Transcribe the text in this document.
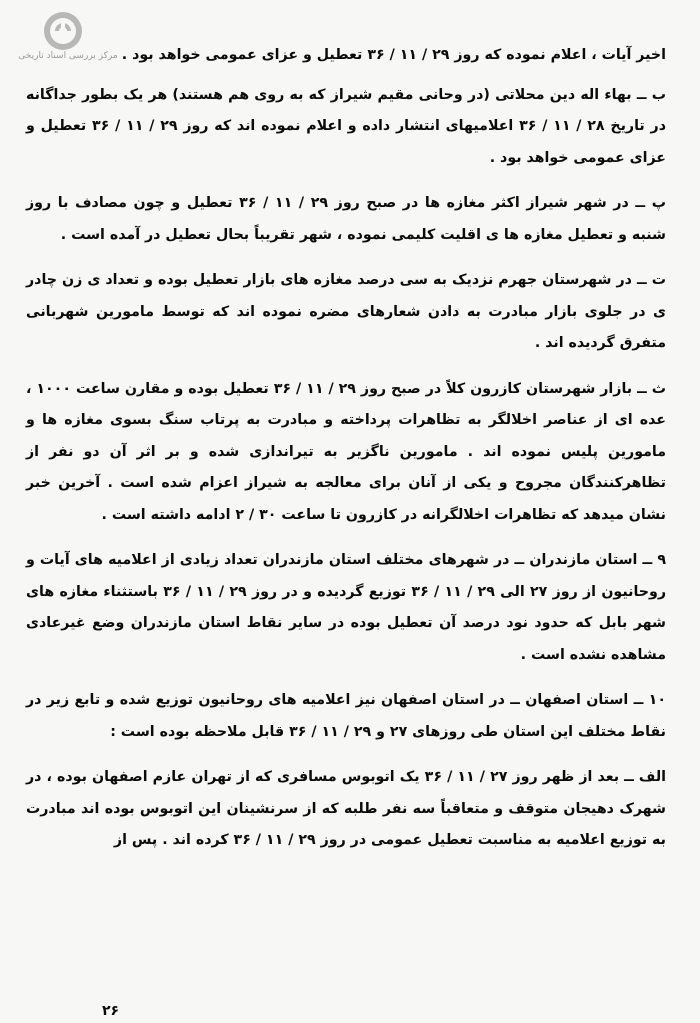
مرکز بررسی اسناد تاریخی اخیر آیات ، اعلام نموده که روز ۲۹ / ۱۱ / ۳۶ تعطیل و عزای عمومی خواهد بود .

ب ــ بهاء اله دین محلاتی (در وحانی مقیم شیراز که به روی هم هستند) هر یک بطور جداگانه در تاریخ ۲۸ / ۱۱ / ۳۶ اعلامیهای انتشار داده و اعلام نموده اند که روز ۲۹ / ۱۱ / ۳۶ تعطیل و عزای عمومی خواهد بود .

پ ــ در شهر شیراز اکثر مغازه ها در صبح روز ۲۹ / ۱۱ / ۳۶ تعطیل و چون مصادف با روز شنبه و تعطیل مغازه ها ی اقلیت کلیمی نموده ، شهر تقریباً بحال تعطیل در آمده است .

ت ــ در شهرستان جهرم نزدیک به سی درصد مغازه های بازار تعطیل بوده و تعداد ی زن چادر ی در جلوی بازار مبادرت به دادن شعارهای مضره نموده اند که توسط مامورین شهربانی متفرق گردیده اند .

ث ــ بازار شهرستان کازرون کلاً در صبح روز ۲۹ / ۱۱ / ۳۶ تعطیل بوده و مقارن ساعت ۱۰۰۰ ، عده ای از عناصر اخلالگر به تظاهرات پرداخته و مبادرت به پرتاب سنگ بسوی مغازه ها و مامورین پلیس نموده اند . مامورین ناگزیر به تیراندازی شده و بر اثر آن دو نفر از تظاهرکنندگان مجروح و یکی از آنان برای معالجه به شیراز اعزام شده است . آخرین خبر نشان میدهد که تظاهرات اخلالگرانه در کازرون تا ساعت ۳۰ / ۲ ادامه داشته است .

۹ ــ استان مازندران ــ در شهرهای مختلف استان مازندران تعداد زیادی از اعلامیه های آیات و روحانیون از روز ۲۷ الی ۲۹ / ۱۱ / ۳۶ توزیع گردیده و در روز ۲۹ / ۱۱ / ۳۶ باستثناء مغازه های شهر بابل که حدود نود درصد آن تعطیل بوده در سایر نقاط استان مازندران وضع غیرعادی مشاهده نشده است .

۱۰ ــ استان اصفهان ــ در استان اصفهان نیز اعلامیه های روحانیون توزیع شده و تابع زیر در نقاط مختلف این استان طی روزهای ۲۷ و ۲۹ / ۱۱ / ۳۶ قابل ملاحظه بوده است :

الف ــ بعد از ظهر روز ۲۷ / ۱۱ / ۳۶ یک اتوبوس مسافری که از تهران عازم اصفهان بوده ، در شهرک دهیجان متوقف و متعاقباً سه نفر طلبه که از سرنشینان این اتوبوس بوده اند مبادرت به توزیع اعلامیه به مناسبت تعطیل عمومی در روز ۲۹ / ۱۱ / ۳۶ کرده اند . پس از

۲۶
